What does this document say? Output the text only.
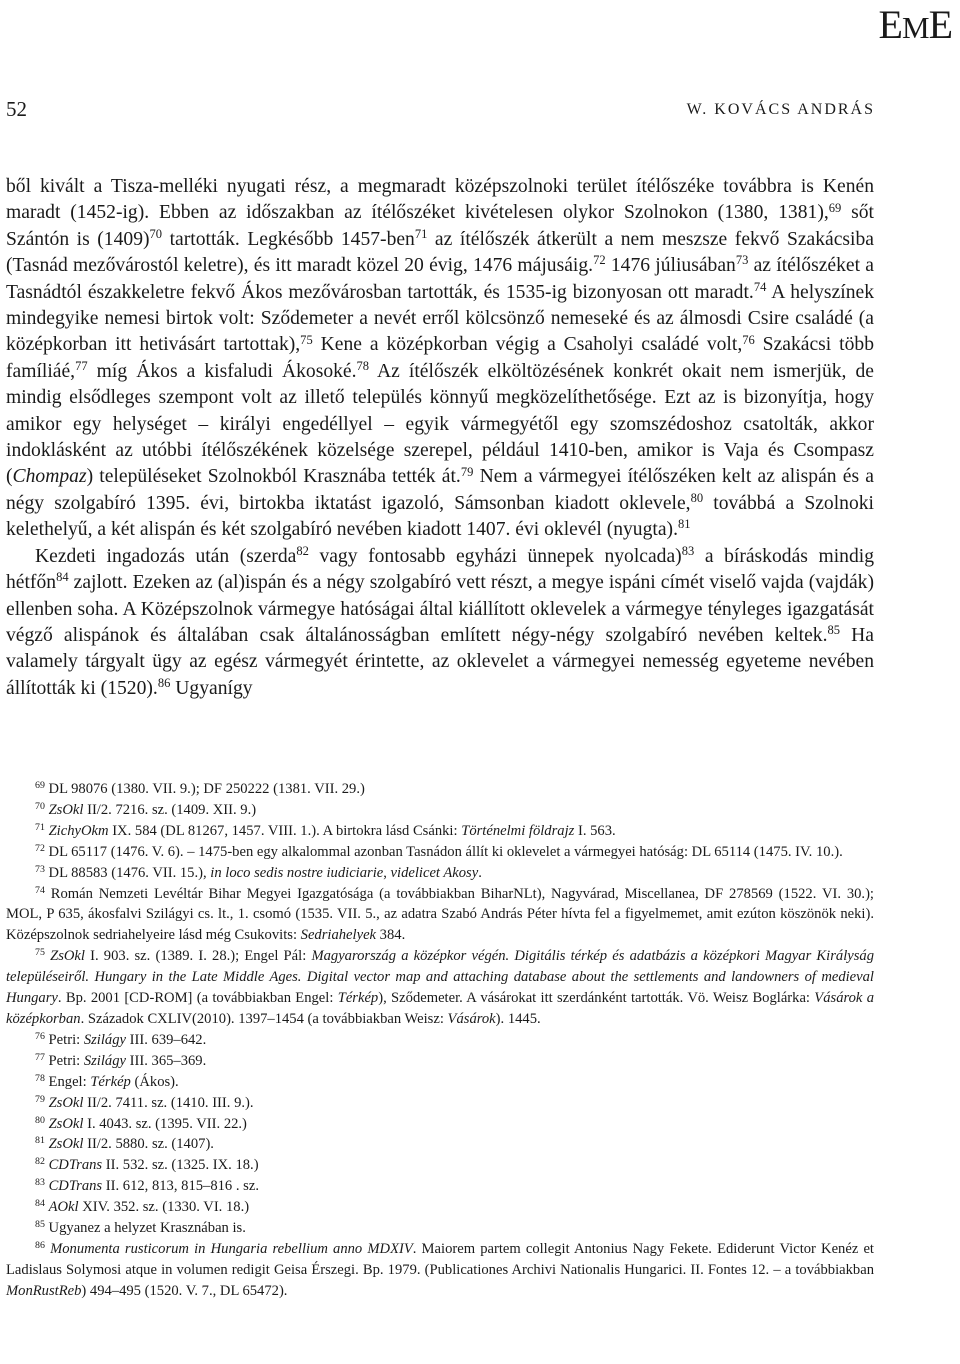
EME
52	W. KOVÁCS ANDRÁS

ből kivált a Tisza-melléki nyugati rész, a megmaradt középszolnoki terület ítélőszéke továbbra is Kenén maradt (1452-ig). Ebben az időszakban az ítélőszéket kivételesen olykor Szolnokon (1380, 1381),$^{69}$ sőt Szántón is $(1409)^{70}$ tartották. Legkésőbb 1457-ben$^{71}$ az ítélőszék átkerült a nem meszsze fekvő Szakácsiba (Tasnád mezővárostól keletre), és itt maradt közel 20 évig, 1476 májusáig.$^{72}$ 1476 júliusában$^{73}$ az ítélőszéket a Tasnádtól északkeletre fekvő Ákos mezővárosban tartották, és 1535-ig bizonyosan ott maradt.$^{74}$ A helyszínek mindegyike nemesi birtok volt: Sződemeter a nevét erről kölcsönző nemeseké és az álmosdi Csire családé (a középkorban itt hetivásárt tartottak),$^{75}$ Kene a középkorban végig a Csaholyi családé volt,$^{76}$ Szakácsi több famíliáé,$^{77}$ míg Ákos a kisfaludi Ákosoké.$^{78}$ Az ítélőszék elköltözésének konkrét okait nem ismerjük, de mindig elsődleges szempont volt az illető település könnyű megközelíthetősége. Ezt az is bizonyítja, hogy amikor egy helységet – királyi engedéllyel – egyik vármegyétől egy szomszédoshoz csatolták, akkor indoklásként az utóbbi ítélőszékének közelsége szerepel, például 1410-ben, amikor is Vaja és Csompasz (Chompaz) településeket Szolnokból Krasznába tették át.$^{79}$ Nem a vármegyei ítélőszéken kelt az alispán és a négy szolgabíró 1395. évi, birtokba iktatást igazoló, Sámsonban kiadott oklevele,$^{80}$ továbbá a Szolnoki kelethelyű, a két alispán és két szolgabíró nevében kiadott 1407. évi oklevél (nyugta).$^{81}$

Kezdeti ingadozás után (szerda$^{82}$ vagy fontosabb egyházi ünnepek nyolcada)$^{83}$ a bíráskodás mindig hétfőn$^{84}$ zajlott. Ezeken az (al)ispán és a négy szolgabíró vett részt, a megye ispáni címét viselő vajda (vajdák) ellenben soha. A Középszolnok vármegye hatóságai által kiállított oklevelek a vármegye tényleges igazgatását végző alispánok és általában csak általánosságban említett négy-négy szolgabíró nevében keltek.$^{85}$ Ha valamely tárgyalt ügy az egész vármegyét érintette, az oklevelet a vármegyei nemesség egyeteme nevében állították ki (1520).$^{86}$ Ugyanígy

$^{69}$ DL 98076 (1380. VII. 9.); DF 250222 (1381. VII. 29.)

$^{70}$ ZsOkl II/2. 7216. sz. (1409. XII. 9.)

$^{71}$ ZichyOkm IX. 584 (DL 81267, 1457. VIII. 1.). A birtokra lásd Csánki: Történelmi földrajz I. 563.

$^{72}$ DL 65117 (1476. V. 6). – 1475-ben egy alkalommal azonban Tasnádon állít ki oklevelet a vármegyei hatóság: DL 65114 (1475. IV. 10.).

$^{73}$ DL 88583 (1476. VII. 15.), in loco sedis nostre iudiciarie, videlicet Akosy.

$^{74}$ Román Nemzeti Levéltár Bihar Megyei Igazgatósága (a továbbiakban BiharNLt), Nagyvárad, Miscellanea, DF 278569 (1522. VI. 30.); MOL, P 635, ákosfalvi Szilágyi cs. lt., 1. csomó (1535. VII. 5., az adatra Szabó András Péter hívta fel a figyelmemet, amit ezúton köszönök neki). Középszolnok sedriahelyeire lásd még Csukovits: Sedriahelyek 384.

$^{75}$ ZsOkl I. 903. sz. (1389. I. 28.); Engel Pál: Magyarország a középkor végén. Digitális térkép és adatbázis a középkori Magyar Királyság településeiről. Hungary in the Late Middle Ages. Digital vector map and attaching database about the settlements and landowners of medieval Hungary. Bp. 2001 [CD-ROM] (a továbbiakban Engel: Térkép), Sződemeter. A vásárokat itt szerdánként tartották. Vö. Weisz Boglárka: Vásárok a középkorban. Századok CXLIV(2010). 1397–1454 (a továbbiakban Weisz: Vásárok). 1445.

$^{76}$ Petri: Szilágy III. 639–642.

$^{77}$ Petri: Szilágy III. 365–369.

$^{78}$ Engel: Térkép (Ákos).

$^{79}$ ZsOkl II/2. 7411. sz. (1410. III. 9.).

$^{80}$ ZsOkl I. 4043. sz. (1395. VII. 22.)

$^{81}$ ZsOkl II/2. 5880. sz. (1407).

$^{82}$ CDTrans II. 532. sz. (1325. IX. 18.)

$^{83}$ CDTrans II. 612, 813, 815–816 . sz.

$^{84}$ AOkl XIV. 352. sz. (1330. VI. 18.)

$^{85}$ Ugyanez a helyzet Krasznában is.

$^{86}$ Monumenta rusticorum in Hungaria rebellium anno MDXIV. Maiorem partem collegit Antonius Nagy Fekete. Ediderunt Victor Kenéz et Ladislaus Solymosi atque in volumen redigit Geisa Érszegi. Bp. 1979. (Publicationes Archivi Nationalis Hungarici. II. Fontes 12. – a továbbiakban MonRustReb) 494–495 (1520. V. 7., DL 65472).
